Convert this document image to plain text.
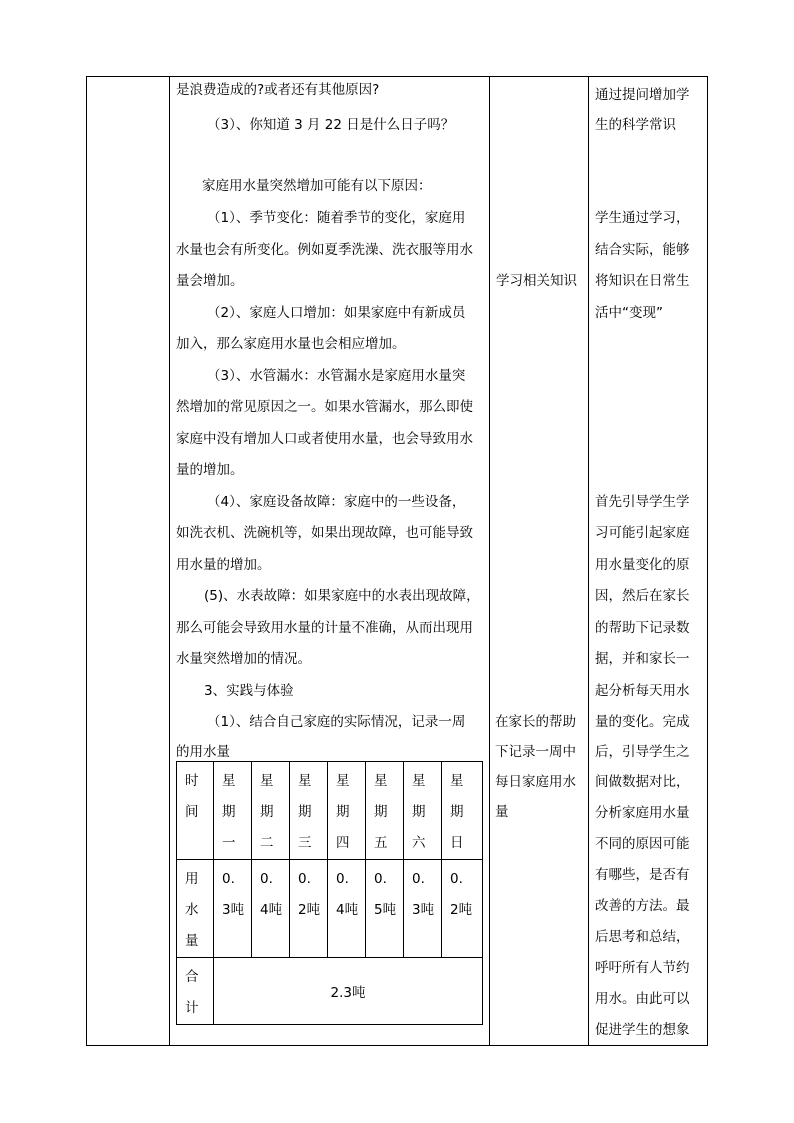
是浪费造成的?或者还有其他原因?
（3）、你知道 3 月 22 日是什么日子吗？
家庭用水量突然增加可能有以下原因：
（1）、季节变化：随着季节的变化，家庭用
水量也会有所变化。例如夏季洗澡、洗衣服等用水
量会增加。
（2）、家庭人口增加：如果家庭中有新成员
加入，那么家庭用水量也会相应增加。
（3）、水管漏水：水管漏水是家庭用水量突
然增加的常见原因之一。如果水管漏水，那么即使
家庭中没有增加人口或者使用水量，也会导致用水
量的增加。
（4）、家庭设备故障：家庭中的一些设备，
如洗衣机、洗碗机等，如果出现故障，也可能导致
用水量的增加。
(5)、水表故障：如果家庭中的水表出现故障，
那么可能会导致用水量的计量不准确，从而出现用
水量突然增加的情况。
3、实践与体验
（1）、结合自己家庭的实际情况，记录一周
的用水量
时
间	星
期
一	星
期
二	星
期
三	星
期
四	星
期
五	星
期
六	星
期
日

用
水
量	0.
3吨	0.
4吨	0.
2吨	0.
4吨	0.
5吨	0.
3吨	0.
2吨

合
计	2.3吨						
学习相关知识
在家长的帮助
下记录一周中
每日家庭用水
量
通过提问增加学
生的科学常识
学生通过学习，
结合实际，能够
将知识在日常生
活中“变现”
首先引导学生学
习可能引起家庭
用水量变化的原
因，然后在家长
的帮助下记录数
据，并和家长一
起分析每天用水
量的变化。完成
后，引导学生之
间做数据对比，
分析家庭用水量
不同的原因可能
有哪些，是否有
改善的方法。最
后思考和总结，
呼吁所有人节约
用水。由此可以
促进学生的想象
